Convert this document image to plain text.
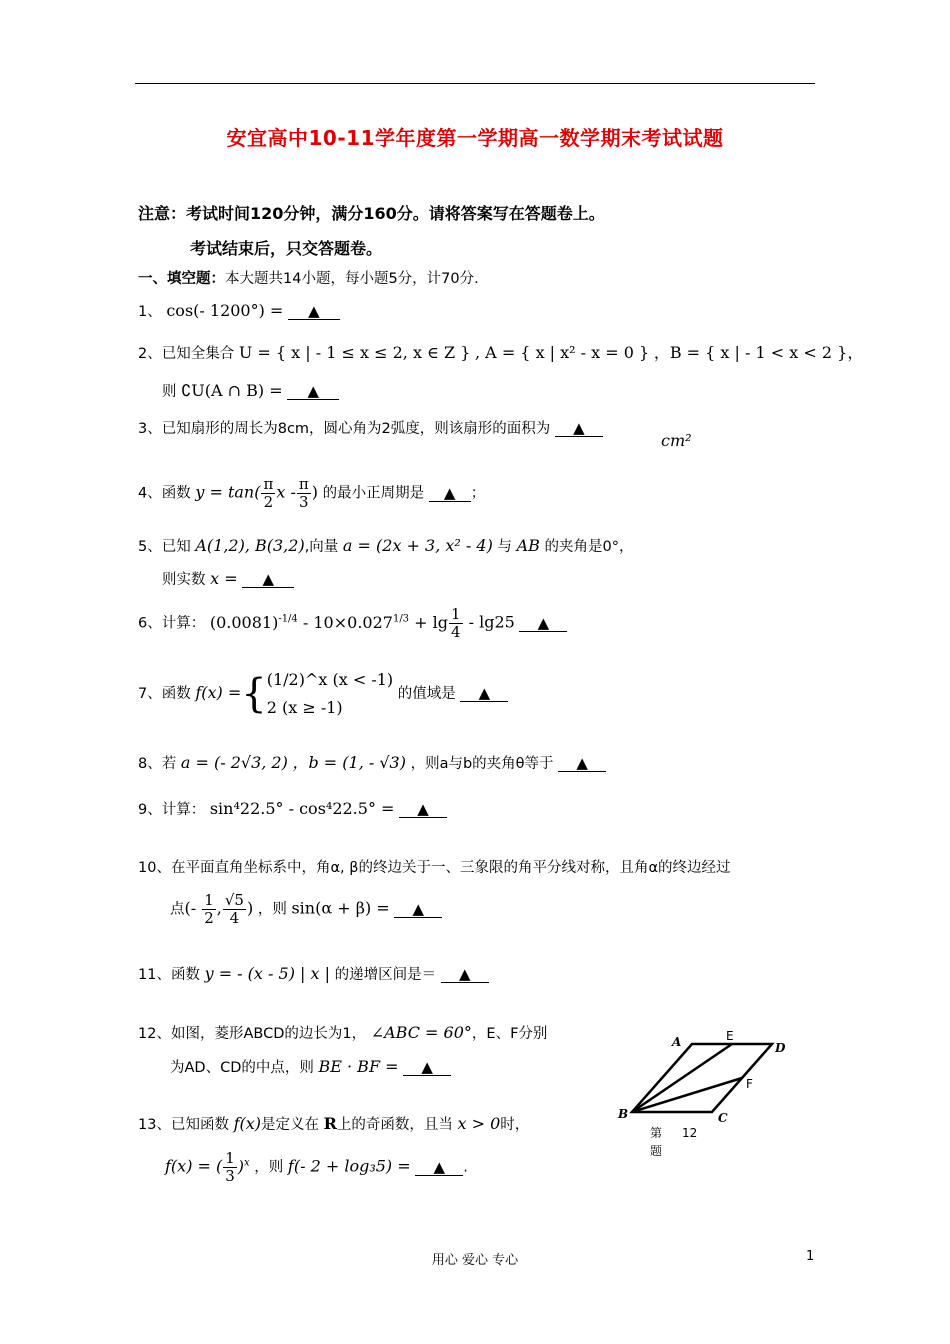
安宜高中10-11学年度第一学期高一数学期末考试试题
注意：考试时间120分钟，满分160分。请将答案写在答题卷上。
考试结束后，只交答题卷。
一、填空题：本大题共14小题，每小题5分，计70分.
1、 cos(- 1200°) = ▲
2、已知全集合 U = { x | - 1 ≤ x ≤ 2, x ∈ Z } , A = { x | x² - x = 0 } ，B = { x | - 1 < x < 2 }，
则 ∁U(A ∩ B) = ▲
3、已知扇形的周长为8cm，圆心角为2弧度，则该扇形的面积为 ▲
cm²
4、函数 $y = \tan( \frac{\pi}{2}$ x - $\frac{\pi}{3}$ ) 的最小正周期是 ▲ ；
5、已知 A(1,2), B(3,2),向量 a = (2x + 3, x² - 4) 与 AB 的夹角是0°，
则实数 x = ▲
6、计算： $(0.0081)^{-1/4} - 10\times 0.027^{1/3} + \lg \frac{1}{4} - \lg 25$ ▲
7、函数 f(x) ={ (1/2)^x (x < -1)
2 (x ≥ -1)
的值域是 ▲
8、若 a = (- 2√3, 2) ，b = (1, - √3) ，则a与b的夹角θ等于 ▲
9、计算： sin⁴22.5° - cos⁴22.5° = ▲
10、在平面直角坐标系中，角α, β的终边关于一、三象限的角平分线对称，且角α的终边经过
点(- $\frac{1}{2}$ , $\frac{√5}{4}$ ) ，则 sin(α + β) = ▲
11、函数 y = - (x - 5) | x | 的递增区间是＝ ▲
12、如图，菱形ABCD的边长为1， ∠ABC = 60°，E、F分别
为AD、CD的中点，则 BE · BF = ▲
A	E
D
F
B	C
第 12
题
13、已知函数 f(x)是定义在 R上的奇函数，且当 x > 0时，
f(x) = ( $\frac{1}{3} )^x$ ，则 f(- 2 + log₃5) = ▲ .
用心 爱心 专心	1
